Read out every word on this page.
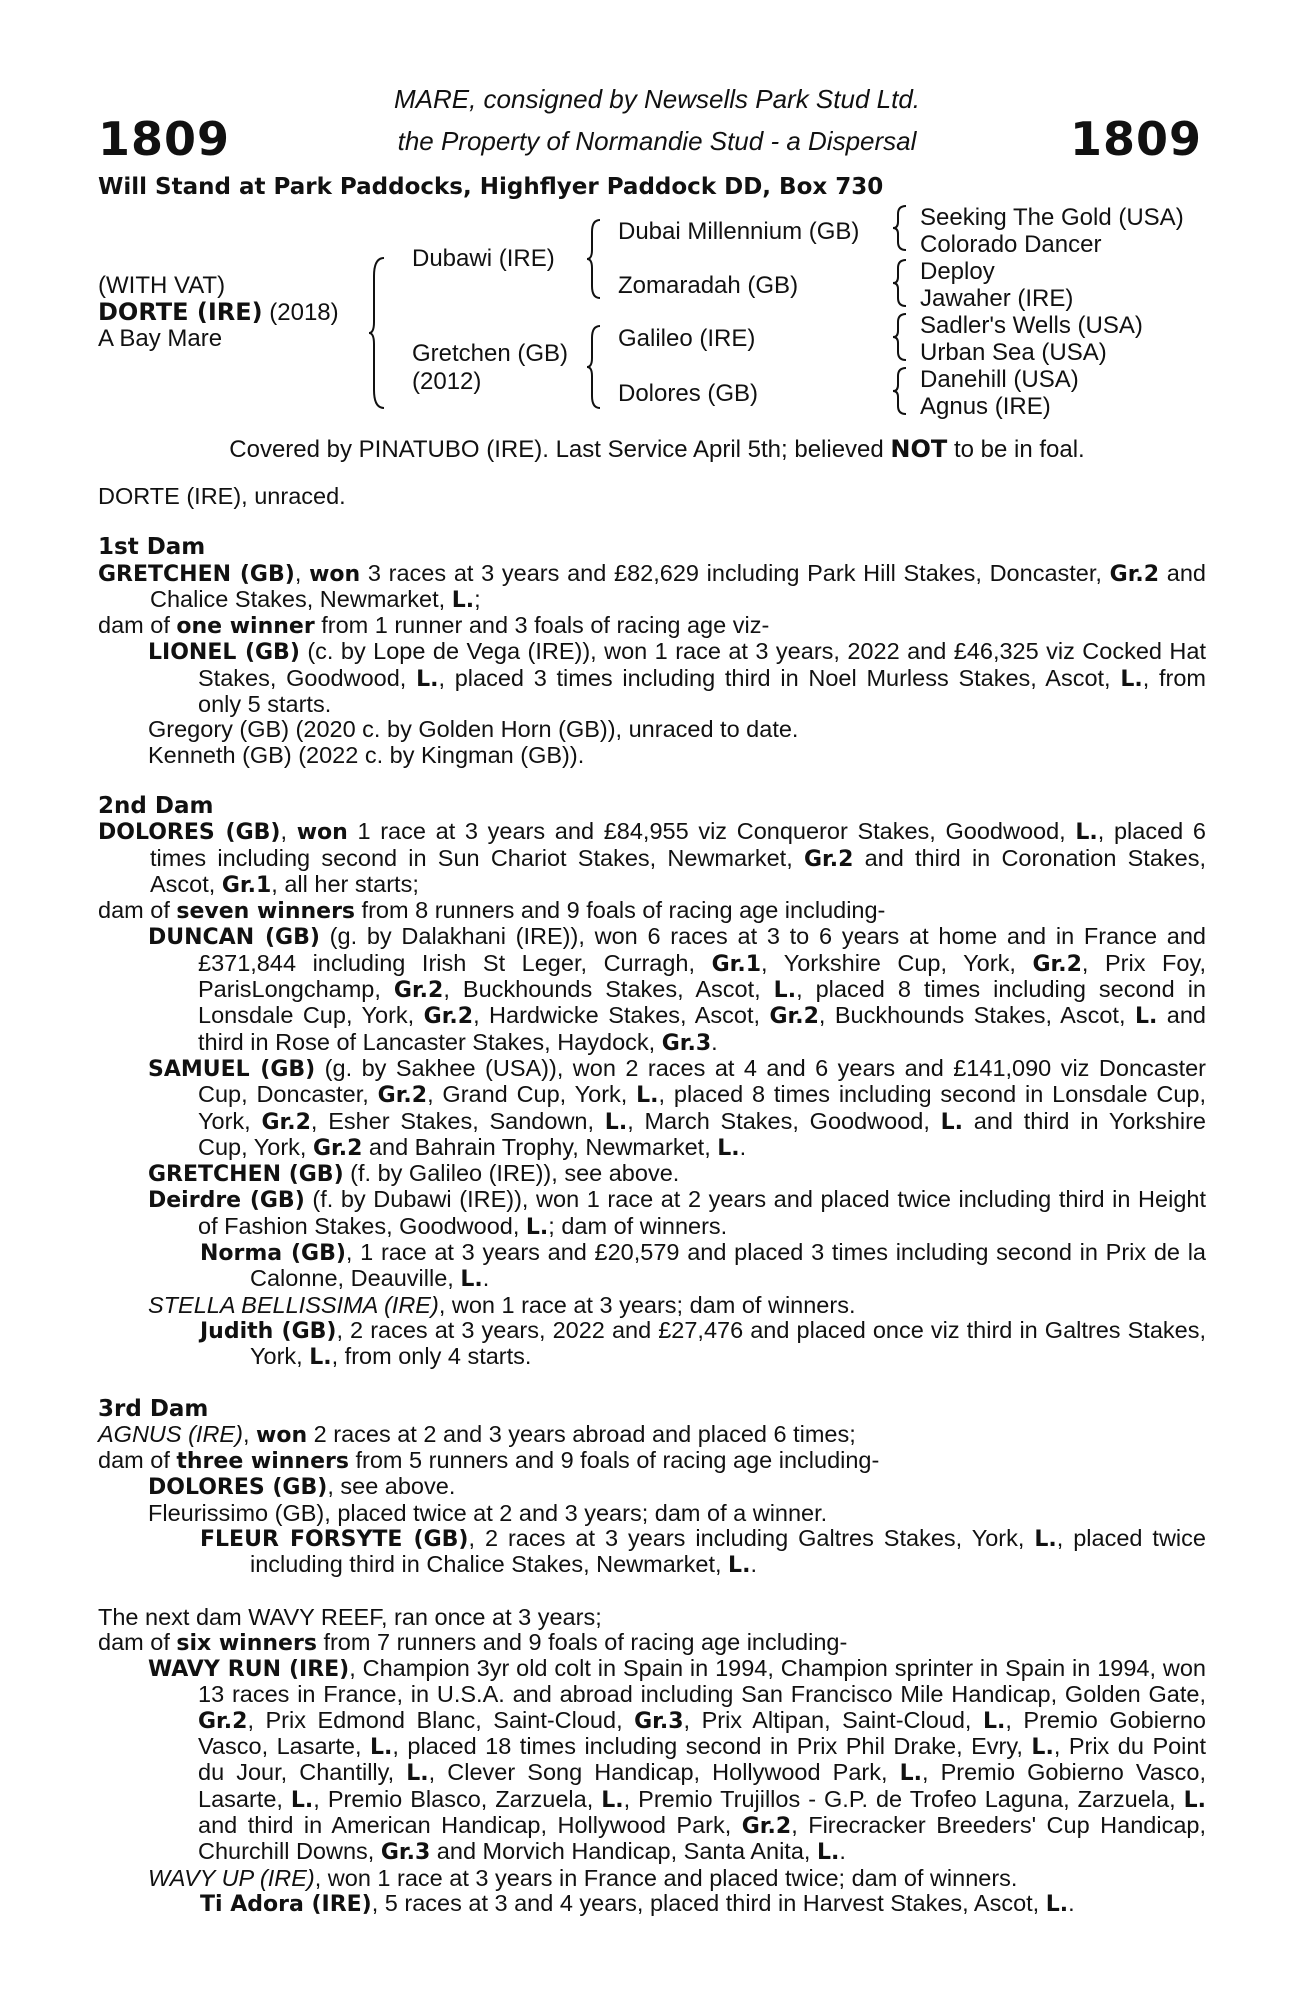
1809	1809
MARE, consigned by Newsells Park Stud Ltd.
the Property of Normandie Stud - a Dispersal
Will Stand at Park Paddocks, Highflyer Paddock DD, Box 730
(WITH VAT)
DORTE (IRE) (2018)
A Bay Mare
Dubawi (IRE)
Gretchen (GB)
(2012)
Dubai Millennium (GB)
Zomaradah (GB)
Galileo (IRE)
Dolores (GB)
Seeking The Gold (USA)
Colorado Dancer
Deploy
Jawaher (IRE)
Sadler's Wells (USA)
Urban Sea (USA)
Danehill (USA)
Agnus (IRE)
Covered by PINATUBO (IRE). Last Service April 5th; believed NOT to be in foal.

DORTE (IRE), unraced.

1st Dam

GRETCHEN (GB), won 3 races at 3 years and £82,629 including Park Hill Stakes, Doncaster, Gr.2 and Chalice Stakes, Newmarket, L.;

dam of one winner from 1 runner and 3 foals of racing age viz-

LIONEL (GB) (c. by Lope de Vega (IRE)), won 1 race at 3 years, 2022 and £46,325 viz Cocked Hat Stakes, Goodwood, L., placed 3 times including third in Noel Murless Stakes, Ascot, L., from only 5 starts.

Gregory (GB) (2020 c. by Golden Horn (GB)), unraced to date.

Kenneth (GB) (2022 c. by Kingman (GB)).

2nd Dam

DOLORES (GB), won 1 race at 3 years and £84,955 viz Conqueror Stakes, Goodwood, L., placed 6 times including second in Sun Chariot Stakes, Newmarket, Gr.2 and third in Coronation Stakes, Ascot, Gr.1, all her starts;

dam of seven winners from 8 runners and 9 foals of racing age including-

DUNCAN (GB) (g. by Dalakhani (IRE)), won 6 races at 3 to 6 years at home and in France and £371,844 including Irish St Leger, Curragh, Gr.1, Yorkshire Cup, York, Gr.2, Prix Foy, ParisLongchamp, Gr.2, Buckhounds Stakes, Ascot, L., placed 8 times including second in Lonsdale Cup, York, Gr.2, Hardwicke Stakes, Ascot, Gr.2, Buckhounds Stakes, Ascot, L. and third in Rose of Lancaster Stakes, Haydock, Gr.3.

SAMUEL (GB) (g. by Sakhee (USA)), won 2 races at 4 and 6 years and £141,090 viz Doncaster Cup, Doncaster, Gr.2, Grand Cup, York, L., placed 8 times including second in Lonsdale Cup, York, Gr.2, Esher Stakes, Sandown, L., March Stakes, Goodwood, L. and third in Yorkshire Cup, York, Gr.2 and Bahrain Trophy, Newmarket, L..

GRETCHEN (GB) (f. by Galileo (IRE)), see above.

Deirdre (GB) (f. by Dubawi (IRE)), won 1 race at 2 years and placed twice including third in Height of Fashion Stakes, Goodwood, L.; dam of winners.

Norma (GB), 1 race at 3 years and £20,579 and placed 3 times including second in Prix de la Calonne, Deauville, L..

STELLA BELLISSIMA (IRE), won 1 race at 3 years; dam of winners.

Judith (GB), 2 races at 3 years, 2022 and £27,476 and placed once viz third in Galtres Stakes, York, L., from only 4 starts.

3rd Dam

AGNUS (IRE), won 2 races at 2 and 3 years abroad and placed 6 times;

dam of three winners from 5 runners and 9 foals of racing age including-

DOLORES (GB), see above.

Fleurissimo (GB), placed twice at 2 and 3 years; dam of a winner.

FLEUR FORSYTE (GB), 2 races at 3 years including Galtres Stakes, York, L., placed twice including third in Chalice Stakes, Newmarket, L..

The next dam WAVY REEF, ran once at 3 years;

dam of six winners from 7 runners and 9 foals of racing age including-

WAVY RUN (IRE), Champion 3yr old colt in Spain in 1994, Champion sprinter in Spain in 1994, won 13 races in France, in U.S.A. and abroad including San Francisco Mile Handicap, Golden Gate, Gr.2, Prix Edmond Blanc, Saint-Cloud, Gr.3, Prix Altipan, Saint-Cloud, L., Premio Gobierno Vasco, Lasarte, L., placed 18 times including second in Prix Phil Drake, Evry, L., Prix du Point du Jour, Chantilly, L., Clever Song Handicap, Hollywood Park, L., Premio Gobierno Vasco, Lasarte, L., Premio Blasco, Zarzuela, L., Premio Trujillos - G.P. de Trofeo Laguna, Zarzuela, L. and third in American Handicap, Hollywood Park, Gr.2, Firecracker Breeders' Cup Handicap, Churchill Downs, Gr.3 and Morvich Handicap, Santa Anita, L..

WAVY UP (IRE), won 1 race at 3 years in France and placed twice; dam of winners.

Ti Adora (IRE), 5 races at 3 and 4 years, placed third in Harvest Stakes, Ascot, L..
